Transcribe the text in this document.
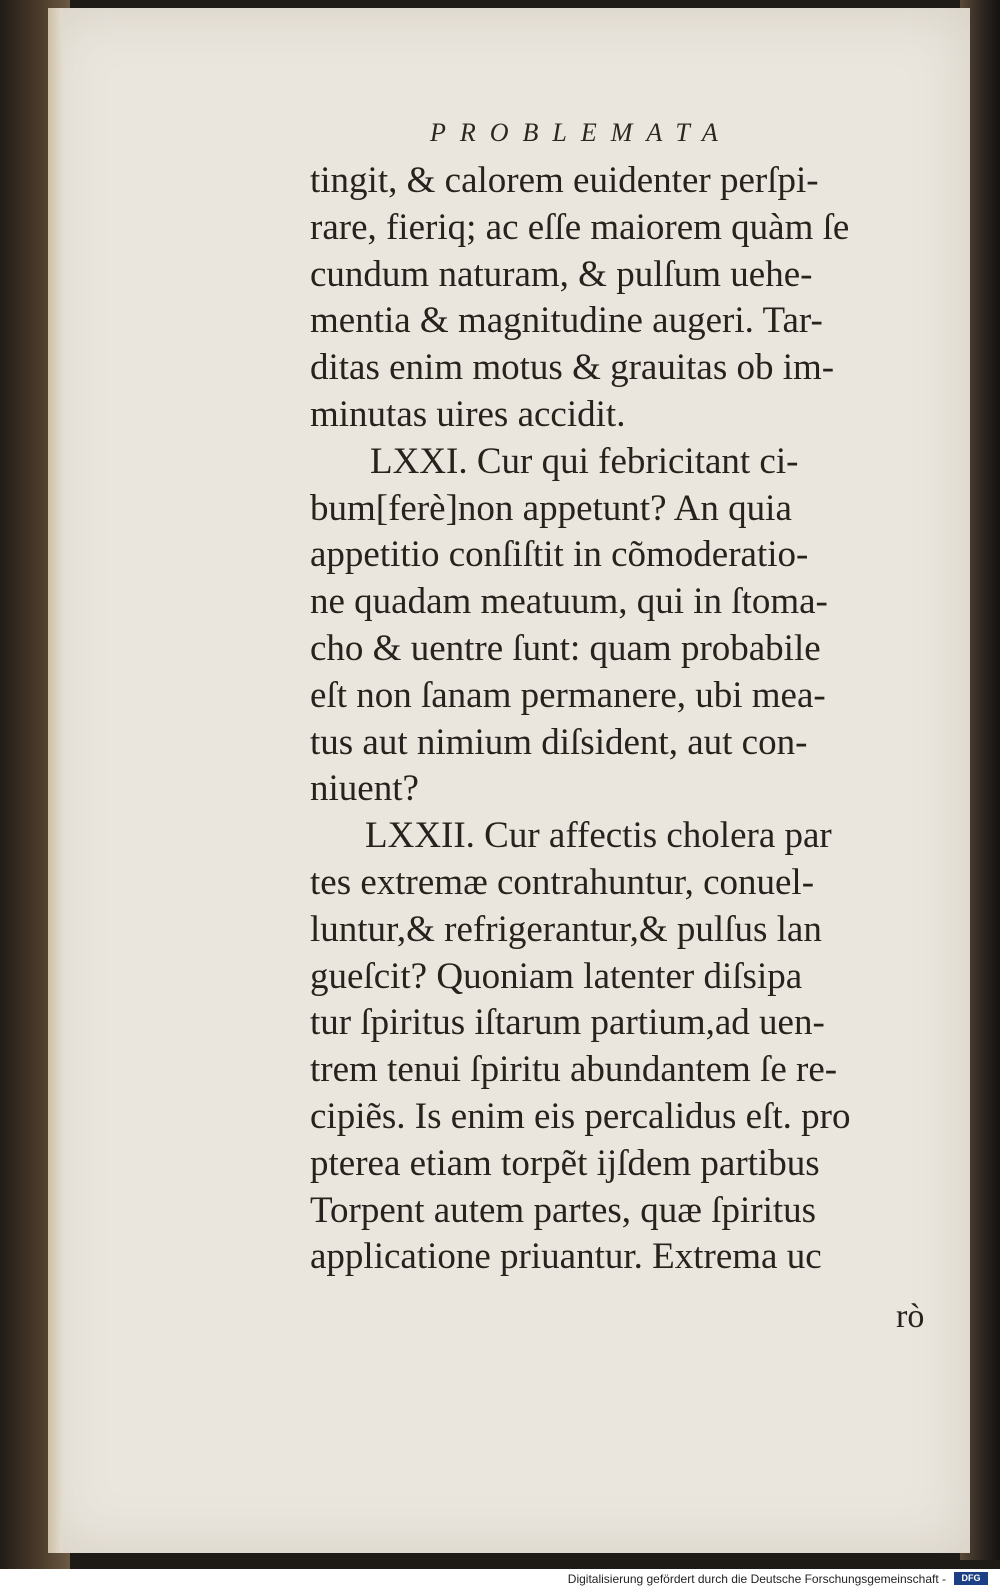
PROBLEMATA
tingit, & calorem euidenter perſpi-
rare, fieriq; ac eſſe maiorem quàm ſe
cundum naturam, & pulſum uehe-
mentia & magnitudine augeri. Tar-
ditas enim motus & grauitas ob im-
minutas uires accidit.
LXXI. Cur qui febricitant ci-
bum[ferè]non appetunt? An quia
appetitio conſiſtit in cõmoderatio-
ne quadam meatuum, qui in ſtoma-
cho & uentre ſunt: quam probabile
eſt non ſanam permanere, ubi mea-
tus aut nimium diſsident, aut con-
niuent?
LXXII. Cur affectis cholera par
tes extremæ contrahuntur, conuel-
luntur,& refrigerantur,& pulſus lan
gueſcit? Quoniam latenter diſsipa
tur ſpiritus iſtarum partium,ad uen-
trem tenui ſpiritu abundantem ſe re-
cipiẽs. Is enim eis percalidus eſt. pro
pterea etiam torpẽt ijſdem partibus
Torpent autem partes, quæ ſpiritus
applicatione priuantur. Extrema uc
rò
Digitalisierung gefördert durch die Deutsche Forschungsgemeinschaft -	DFG
